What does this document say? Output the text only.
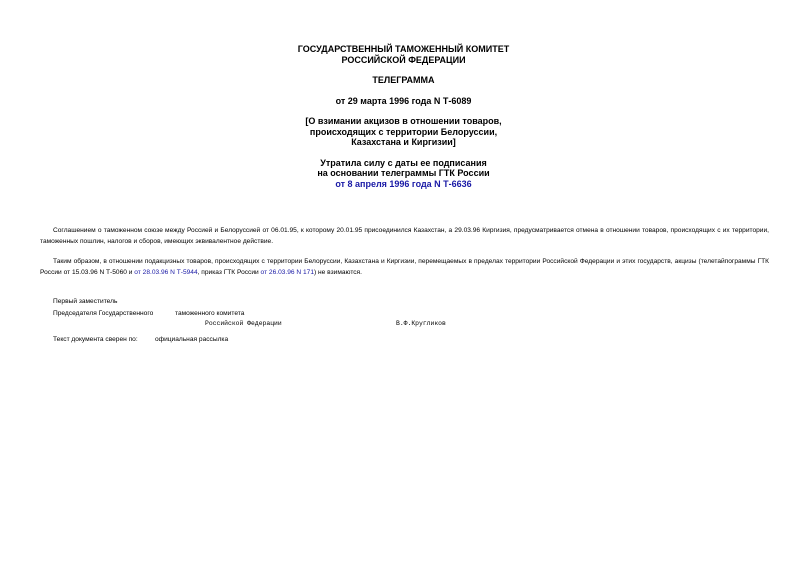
ГОСУДАРСТВЕННЫЙ ТАМОЖЕННЫЙ КОМИТЕТ
РОССИЙСКОЙ ФЕДЕРАЦИИ
ТЕЛЕГРАММА
от 29 марта 1996 года N Т-6089
[О взимании акцизов в отношении товаров,
происходящих с территории Белоруссии,
Казахстана и Киргизии]
Утратила силу с даты ее подписания
на основании телеграммы ГТК России
от 8 апреля 1996 года N Т-6636
Соглашением о таможенном союзе между Россией и Белоруссией от 06.01.95, к которому 20.01.95 присоединился Казахстан, а 29.03.96 Киргизия, предусматривается отмена в отношении товаров, происходящих с их территории, таможенных пошлин, налогов и сборов, имеющих эквивалентное действие.
Таким образом, в отношении подакцизных товаров, происходящих с территории Белоруссии, Казахстана и Киргизии, перемещаемых в пределах территории Российской Федерации и этих государств, акцизы (телетайпограммы ГТК России от 15.03.96 N Т-5060 и от 28.03.96 N Т-5944, приказ ГТК России от 26.03.96 N 171) не взимаются.
Первый заместитель
Председателя Государственного	таможенного комитета
Российской Федерации	В.Ф.Кругликов
Текст документа сверен по:	официальная рассылка
